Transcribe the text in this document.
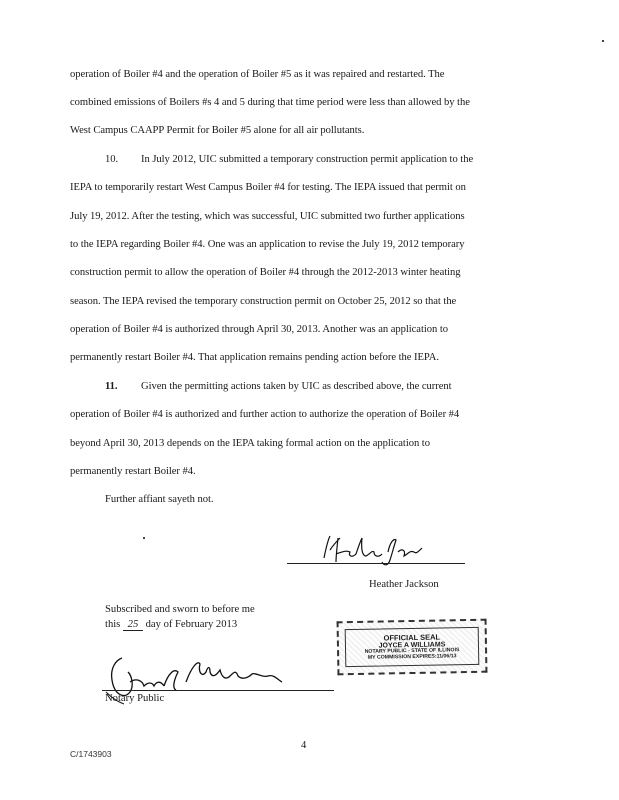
operation of Boiler #4 and the operation of Boiler #5 as it was repaired and restarted. The
combined emissions of Boilers #s 4 and 5 during that time period were less than allowed by the
West Campus CAAPP Permit for Boiler #5 alone for all air pollutants.
10. In July 2012, UIC submitted a temporary construction permit application to the
IEPA to temporarily restart West Campus Boiler #4 for testing. The IEPA issued that permit on
July 19, 2012. After the testing, which was successful, UIC submitted two further applications
to the IEPA regarding Boiler #4. One was an application to revise the July 19, 2012 temporary
construction permit to allow the operation of Boiler #4 through the 2012-2013 winter heating
season. The IEPA revised the temporary construction permit on October 25, 2012 so that the
operation of Boiler #4 is authorized through April 30, 2013. Another was an application to
permanently restart Boiler #4. That application remains pending action before the IEPA.
11. Given the permitting actions taken by UIC as described above, the current
operation of Boiler #4 is authorized and further action to authorize the operation of Boiler #4
beyond April 30, 2013 depends on the IEPA taking formal action on the application to
permanently restart Boiler #4.
Further affiant sayeth not.
Heather Jackson
Subscribed and sworn to before me
this 25 day of February 2013
OFFICIAL SEAL
JOYCE A WILLIAMS
NOTARY PUBLIC - STATE OF ILLINOIS
MY COMMISSION EXPIRES:11/06/13
Notary Public
4
C/1743903
